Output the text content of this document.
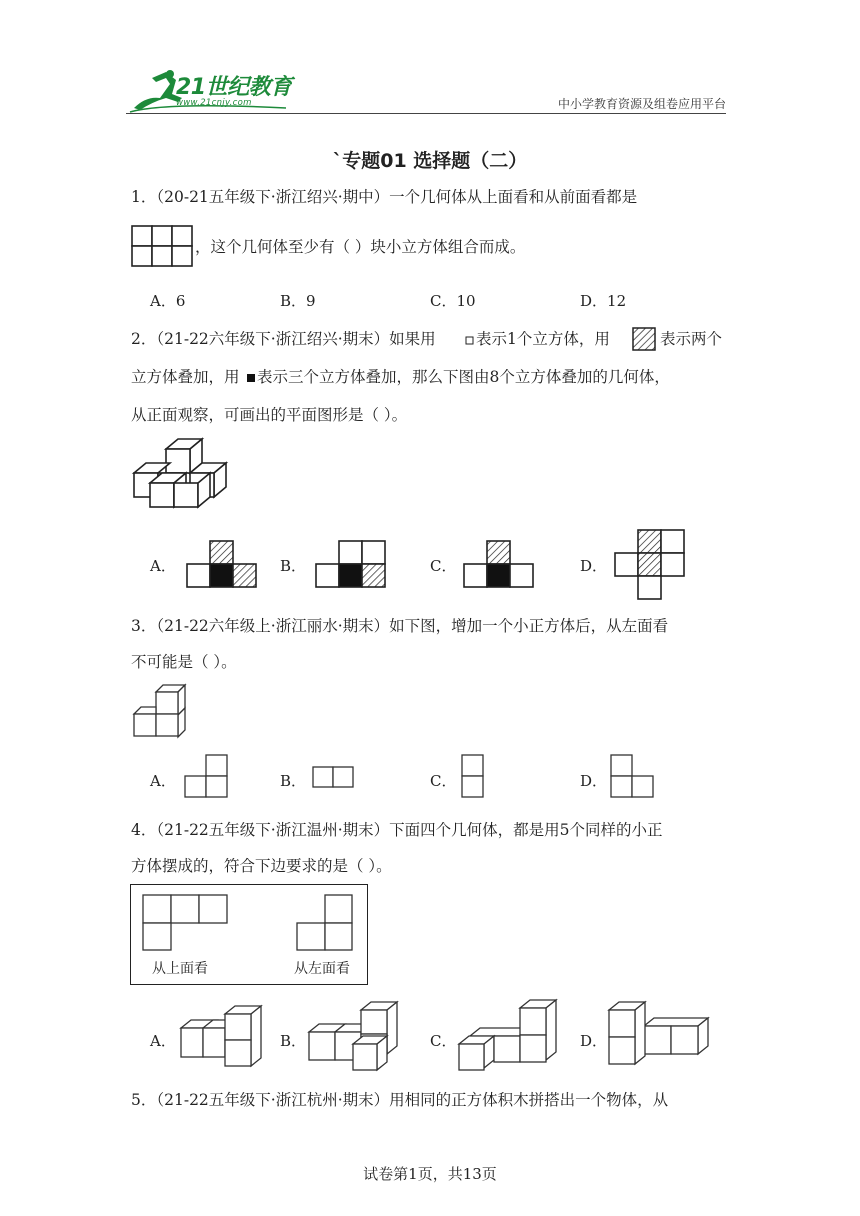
21世纪教育
www.21cnjy.com	中小学教育资源及组卷应用平台
`专题01 选择题（二）
1．（20-21五年级下·浙江绍兴·期中）一个几何体从上面看和从前面看都是
，这个几何体至少有（ ）块小立方体组合而成。
A．6	B．9	C．10	D．12
2．（21-22六年级下·浙江绍兴·期末）如果用	表示1个立方体，用	表示两个
立方体叠加，用 表示三个立方体叠加，那么下图由8个立方体叠加的几何体，
从正面观察，可画出的平面图形是（ ）。
A．	B．	C．	D．
3．（21-22六年级上·浙江丽水·期末）如下图，增加一个小正方体后，从左面看
不可能是（ ）。
A．	B．	C．	D．
4．（21-22五年级下·浙江温州·期末）下面四个几何体，都是用5个同样的小正
方体摆成的，符合下边要求的是（ ）。
从上面看	从左面看
A．	B．	C．	D．
5．（21-22五年级下·浙江杭州·期末）用相同的正方体积木拼搭出一个物体，从
试卷第1页，共13页
